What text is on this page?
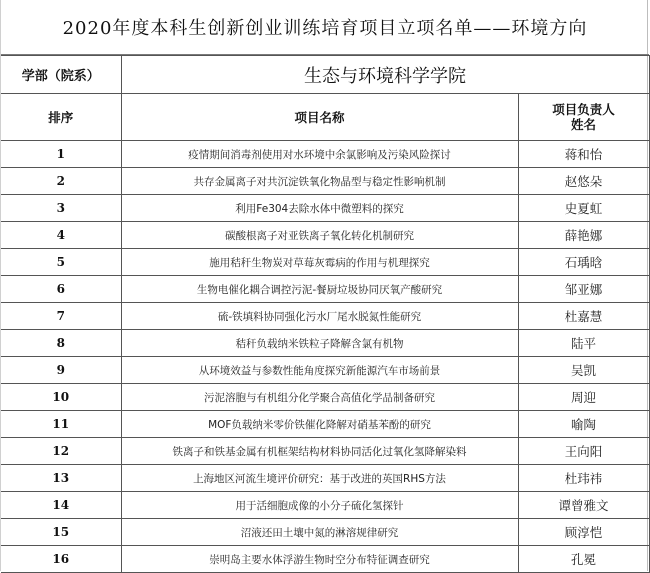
2020年度本科生创新创业训练培育项目立项名单——环境方向
学部（院系）	生态与环境科学学院	
排序	项目名称	项目负责人
姓名

1	疫情期间消毒剂使用对水环境中余氯影响及污染风险探讨	蒋和怡
2	共存金属离子对共沉淀铁氧化物晶型与稳定性影响机制	赵悠朵
3	利用Fe304去除水体中微塑料的探究	史夏虹
4	碳酸根离子对亚铁离子氧化转化机制研究	薛艳娜
5	施用秸秆生物炭对草莓灰霉病的作用与机理探究	石瑀晗
6	生物电催化耦合调控污泥-餐厨垃圾协同厌氧产酸研究	邹亚娜
7	硫-铁填料协同强化污水厂尾水脱氮性能研究	杜嘉慧
8	秸秆负载纳米铁粒子降解含氯有机物	陆平
9	从环境效益与参数性能角度探究新能源汽车市场前景	吴凯
10	污泥溶胞与有机组分化学聚合高值化学品制备研究	周迎
11	MOF负载纳米零价铁催化降解对硝基苯酚的研究	喻陶
12	铁离子和铁基金属有机框架结构材料协同活化过氧化氢降解染料	王向阳
13	上海地区河流生境评价研究：基于改进的英国RHS方法	杜玮祎
14	用于活细胞成像的小分子硫化氢探针	谭曾雅文
15	沼液还田土壤中氮的淋溶规律研究	顾淳恺
16	崇明岛主要水体浮游生物时空分布特征调查研究	孔冕
